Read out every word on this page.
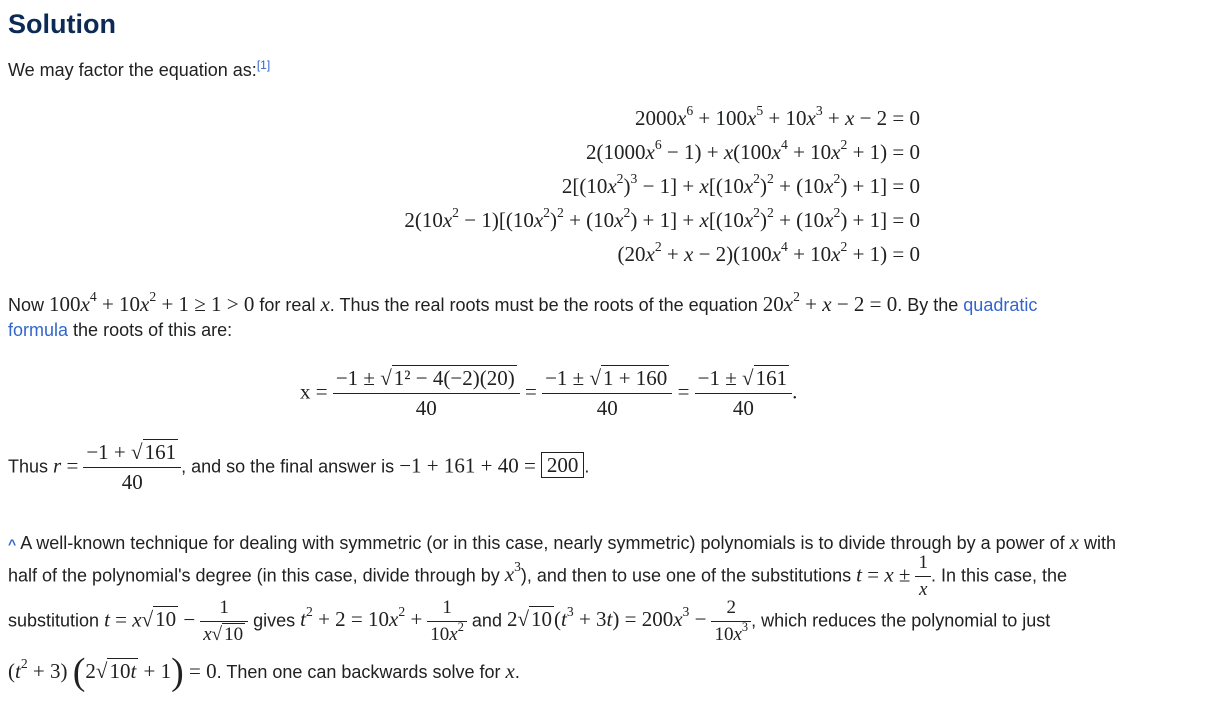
Solution
We may factor the equation as:[1]
$2000x^6 + 100x^5 + 10x^3 + x - 2 = 0$
$2(1000x^6 - 1) + x(100x^4 + 10x^2 + 1) = 0$
$2[(10x^2)^3 - 1] + x[(10x^2)^2 + (10x^2) + 1] = 0$
$2(10x^2 - 1)[(10x^2)^2 + (10x^2) + 1] + x[(10x^2)^2 + (10x^2) + 1] = 0$
$(20x^2 + x - 2)(100x^4 + 10x^2 + 1) = 0$
Now $100x^4 + 10x^2 + 1 \ge 1 > 0$ for real x. Thus the real roots must be the roots of the equation $20x^2 + x - 2 = 0$. By the quadratic
formula the roots of this are:
$x = \frac{\text{−1 ± √1² − 4(−2)(20)}}{40} = \frac{-1 \pm √1 + 160}{40} = \frac{-1 \pm √161}{40}$ .
Thus $r = \frac{-1 + √161}{40}$ , and so the final answer is −1 + 161 + 40 = 200 .
^ A well-known technique for dealing with symmetric (or in this case, nearly symmetric) polynomials is to divide through by a power of x with
half of the polynomial's degree (in this case, divide through by $x^3$), and then to use one of the substitutions $t = x \pm \frac{1}{x}$ . In this case, the
substitution $t = x√10 - \frac{1}{x√ 10}$ gives $t^2 + 2 = 10x^2 + \frac{1}{10x^2}$ and $2√10(t^3 + 3t) = 200x^3 - \frac{2}{10x^3}$ , which reduces the polynomial to just
$(t^2 + 3) (2√10t + 1) = 0$. Then one can backwards solve for x.
